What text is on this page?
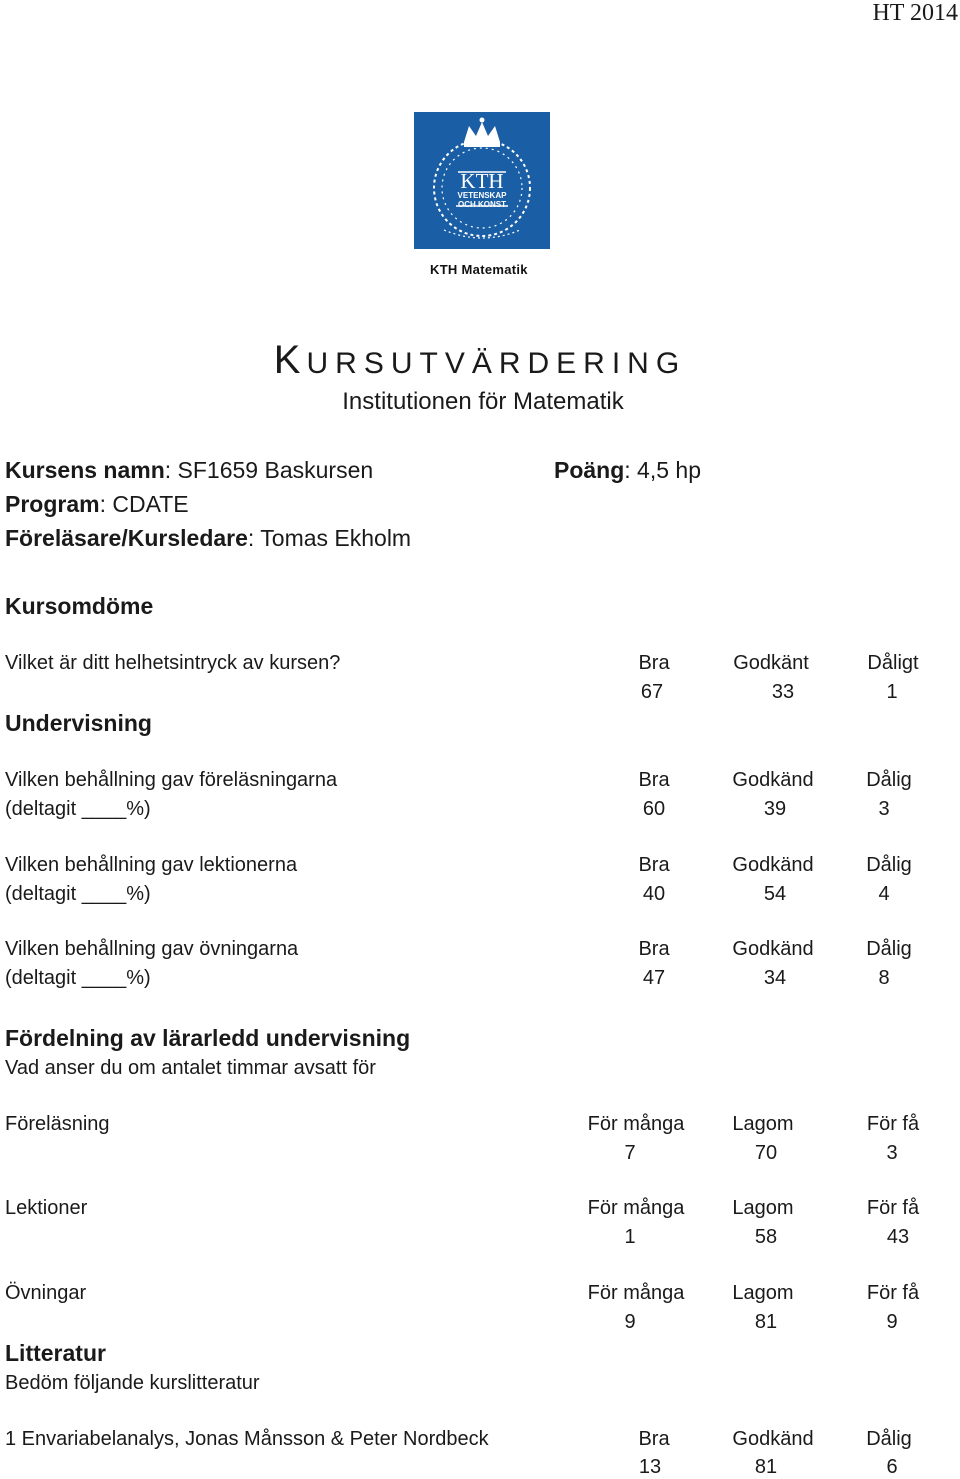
HT 2014
KTH
VETENSKAP
OCH KONST
KTH Matematik
KURSUTVÄRDERING
Institutionen för Matematik
Kursens namn: SF1659 Baskursen	Poäng: 4,5 hp
Program: CDATE
Föreläsare/Kursledare: Tomas Ekholm
Kursomdöme
Vilket är ditt helhetsintryck av kursen?	Bra	Godkänt	Dåligt
67	33	1
Undervisning
Vilken behållning gav föreläsningarna
(deltagit ____%)
Bra	Godkänd	Dålig
60	39	3
Vilken behållning gav lektionerna
(deltagit ____%)
Bra	Godkänd	Dålig
40	54	4
Vilken behållning gav övningarna
(deltagit ____%)
Bra	Godkänd	Dålig
47	34	8
Fördelning av lärarledd undervisning
Vad anser du om antalet timmar avsatt för
Föreläsning	För många Lagom	För få
7	70	3
Lektioner	För många Lagom	För få
1	58	43
Övningar	För många Lagom	För få
9	81	9
Litteratur
Bedöm följande kurslitteratur
1 Envariabelanalys, Jonas Månsson & Peter Nordbeck	Bra	Godkänd	Dålig
13	81	6
